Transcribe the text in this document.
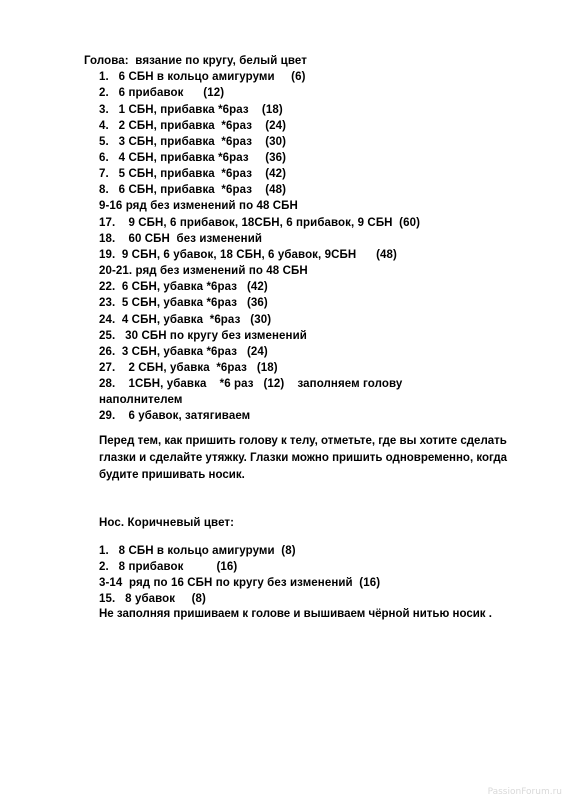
Голова:  вязание по кругу, белый цвет
1.   6 СБН в кольцо амигуруми     (6)
2.   6 прибавок      (12)
3.   1 СБН, прибавка *6раз    (18)
4.   2 СБН, прибавка  *6раз    (24)
5.   3 СБН, прибавка  *6раз    (30)
6.   4 СБН, прибавка *6раз     (36)
7.   5 СБН, прибавка  *6раз    (42)
8.   6 СБН, прибавка  *6раз    (48)
9-16 ряд без изменений по 48 СБН
17.    9 СБН, 6 прибавок, 18СБН, 6 прибавок, 9 СБН  (60)
18.    60 СБН  без изменений
19.  9 СБН, 6 убавок, 18 СБН, 6 убавок, 9СБН      (48)
20-21. ряд без изменений по 48 СБН
22.  6 СБН, убавка *6раз   (42)
23.  5 СБН, убавка *6раз   (36)
24.  4 СБН, убавка  *6раз   (30)
25.   30 СБН по кругу без изменений
26.  3 СБН, убавка *6раз   (24)
27.    2 СБН, убавка  *6раз   (18)
28.    1СБН, убавка    *6 раз   (12)    заполняем голову
наполнителем
29.    6 убавок, затягиваем
Перед тем, как пришить голову к телу, отметьте, где вы хотите сделать глазки и сделайте утяжку. Глазки можно пришить одновременно, когда будите пришивать носик.
Нос. Коричневый цвет:
1.   8 СБН в кольцо амигуруми  (8)
2.   8 прибавок          (16)
3-14  ряд по 16 СБН по кругу без изменений  (16)
15.   8 убавок     (8)
Не заполняя пришиваем к голове и вышиваем чёрной нитью носик .
PassionForum.ru
